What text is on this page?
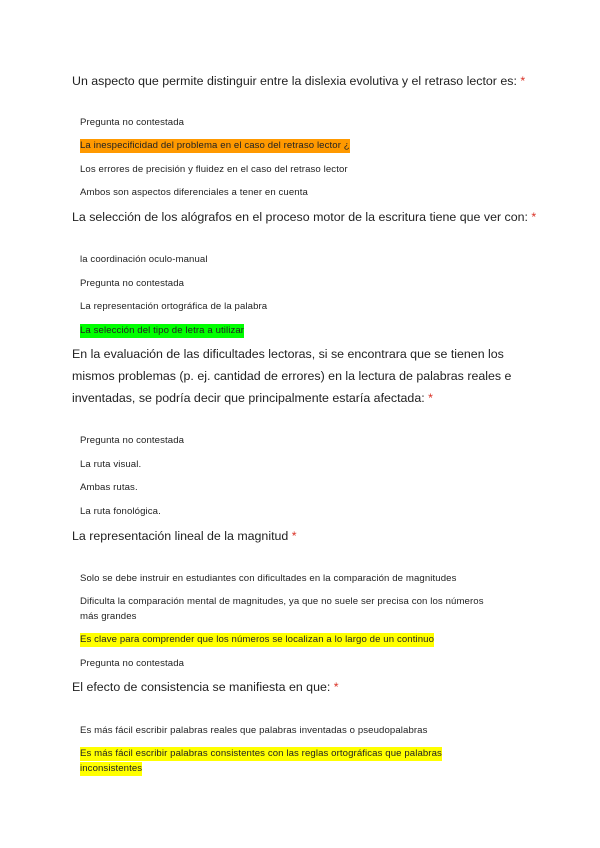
Un aspecto que permite distinguir entre la dislexia evolutiva y el retraso lector es: *
Pregunta no contestada
La inespecificidad del problema en el caso del retraso lector ¿
Los errores de precisión y fluidez en el caso del retraso lector
Ambos son aspectos diferenciales a tener en cuenta
La selección de los alógrafos en el proceso motor de la escritura tiene que ver con: *
la coordinación oculo-manual
Pregunta no contestada
La representación ortográfica de la palabra
La selección del tipo de letra a utilizar
En la evaluación de las dificultades lectoras, si se encontrara que se tienen los
mismos problemas (p. ej. cantidad de errores) en la lectura de palabras reales e
inventadas, se podría decir que principalmente estaría afectada: *
Pregunta no contestada
La ruta visual.
Ambas rutas.
La ruta fonológica.
La representación lineal de la magnitud *
Solo se debe instruir en estudiantes con dificultades en la comparación de magnitudes
Dificulta la comparación mental de magnitudes, ya que no suele ser precisa con los números
más grandes
Es clave para comprender que los números se localizan a lo largo de un continuo
Pregunta no contestada
El efecto de consistencia se manifiesta en que: *
Es más fácil escribir palabras reales que palabras inventadas o pseudopalabras
Es más fácil escribir palabras consistentes con las reglas ortográficas que palabras
inconsistentes
